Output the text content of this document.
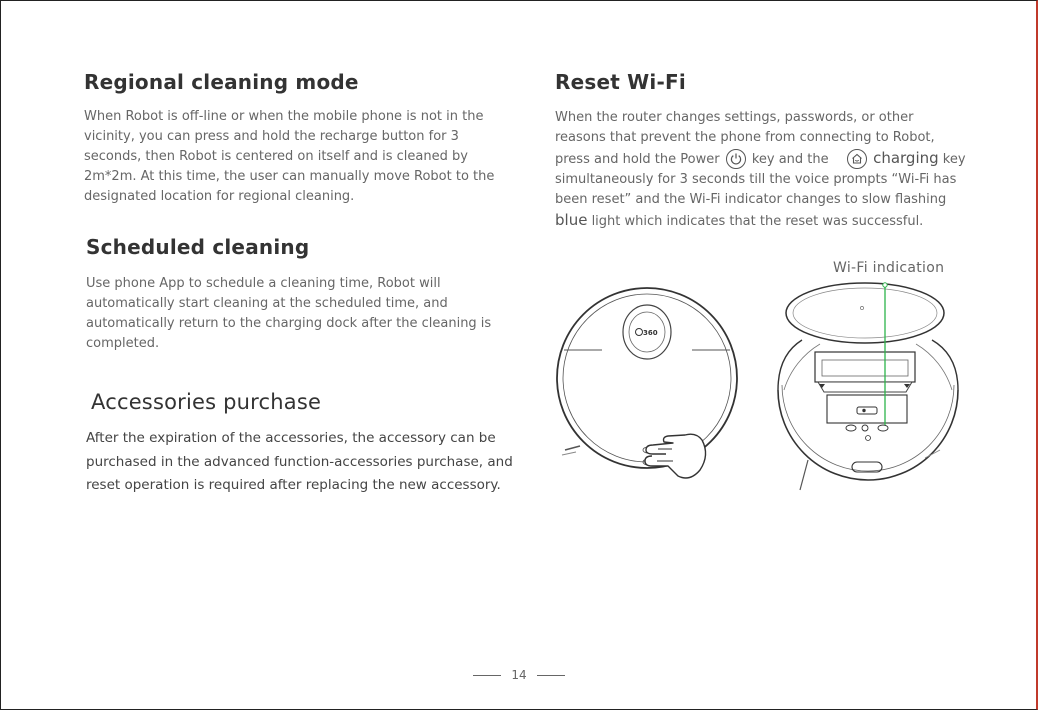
Regional cleaning mode
When Robot is off-line or when the mobile phone is not in the
vicinity, you can press and hold the recharge button for 3
seconds, then Robot is centered on itself and is cleaned by
2m*2m. At this time, the user can manually move Robot to the
designated location for regional cleaning.
Scheduled cleaning
Use phone App to schedule a cleaning time, Robot will
automatically start cleaning at the scheduled time, and
automatically return to the charging dock after the cleaning is
completed.
Accessories purchase
After the expiration of the accessories, the accessory can be
purchased in the advanced function-accessories purchase, and
reset operation is required after replacing the new accessory.
Reset Wi-Fi
When the router changes settings, passwords, or other
reasons that prevent the phone from connecting to Robot,
press and hold the Power key and the	charging key
simultaneously for 3 seconds till the voice prompts “Wi-Fi has
been reset” and the Wi-Fi indicator changes to slow flashing
blue light which indicates that the reset was successful.
Wi-Fi indication
360
14
